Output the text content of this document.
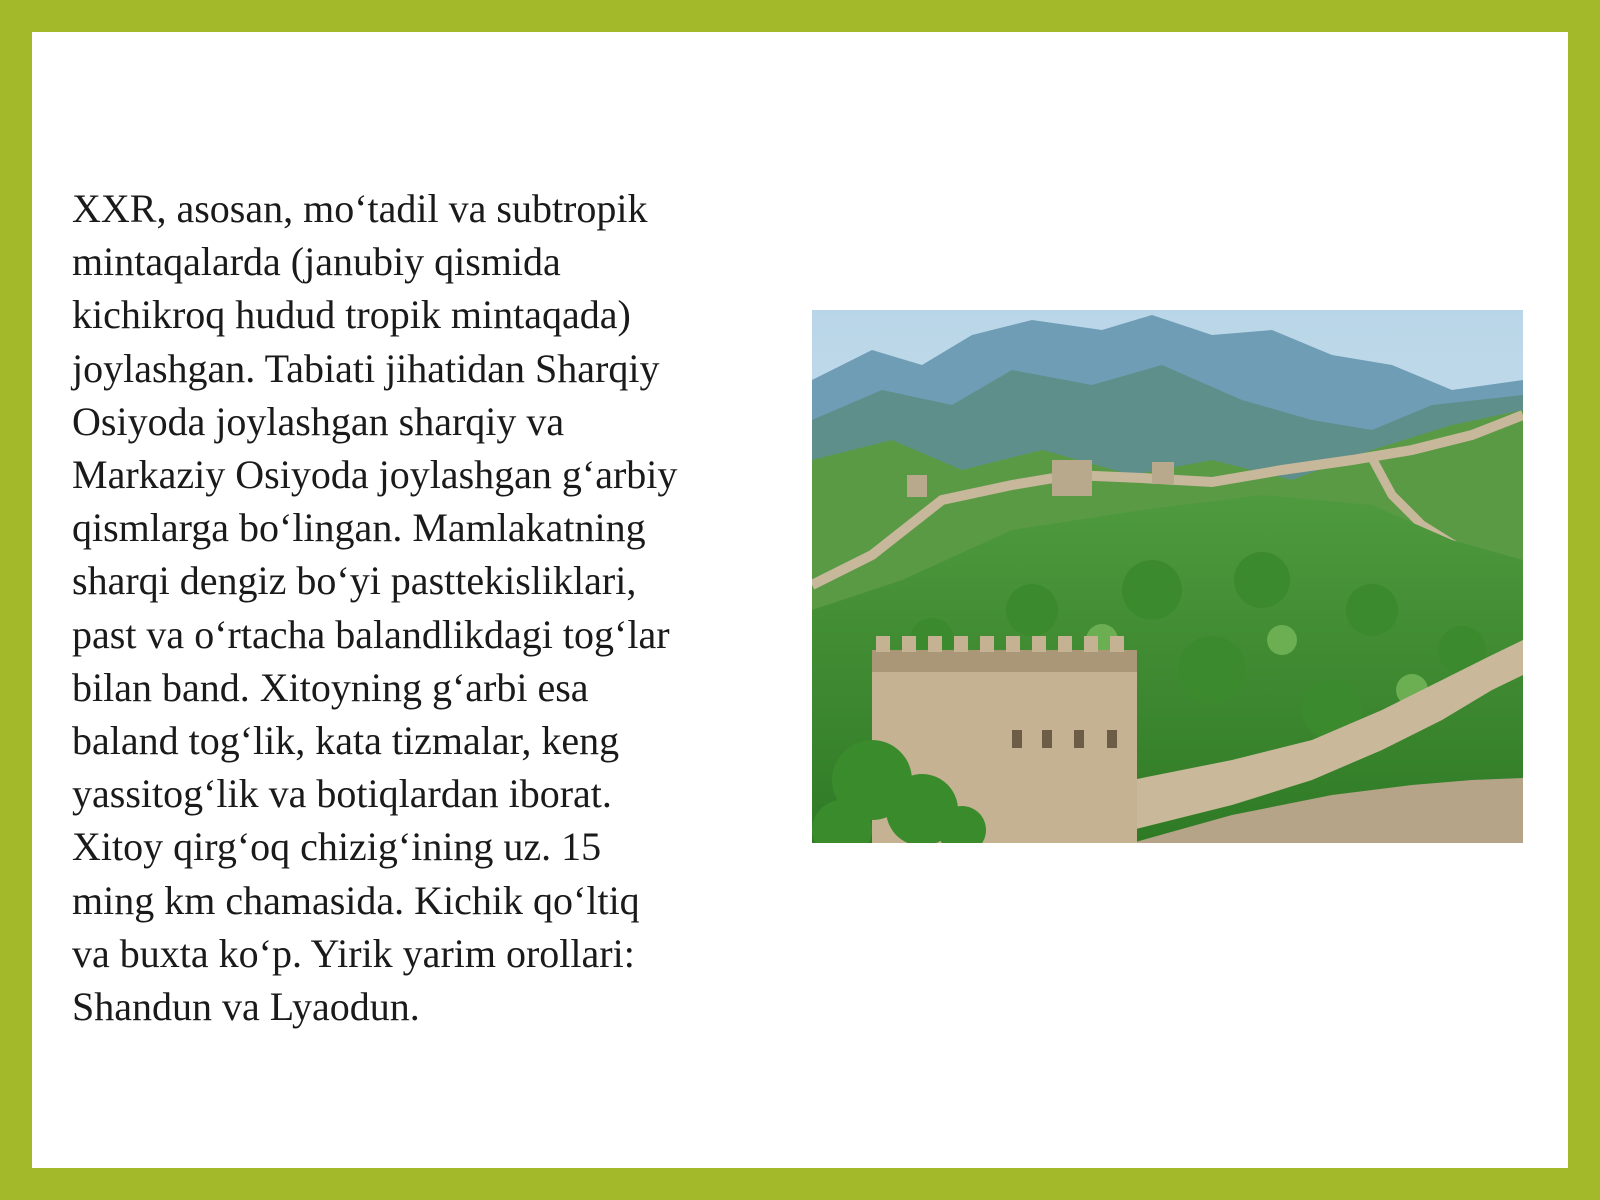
XXR, asosan, mo‘tadil va subtropik
mintaqalarda (janubiy qismida
kichikroq hudud tropik mintaqada)
joylashgan. Tabiati jihatidan Sharqiy
Osiyoda joylashgan sharqiy va
Markaziy Osiyoda joylashgan g‘arbiy
qismlarga bo‘lingan. Mamlakatning
sharqi dengiz bo‘yi pasttekisliklari,
past va o‘rtacha balandlikdagi tog‘lar
bilan band. Xitoyning g‘arbi esa
baland tog‘lik, kata tizmalar, keng
yassitog‘lik va botiqlardan iborat.
Xitoy qirg‘oq chizig‘ining uz. 15
ming km chamasida. Kichik qo‘ltiq
va buxta ko‘p. Yirik yarim orollari:
Shandun va Lyaodun.
